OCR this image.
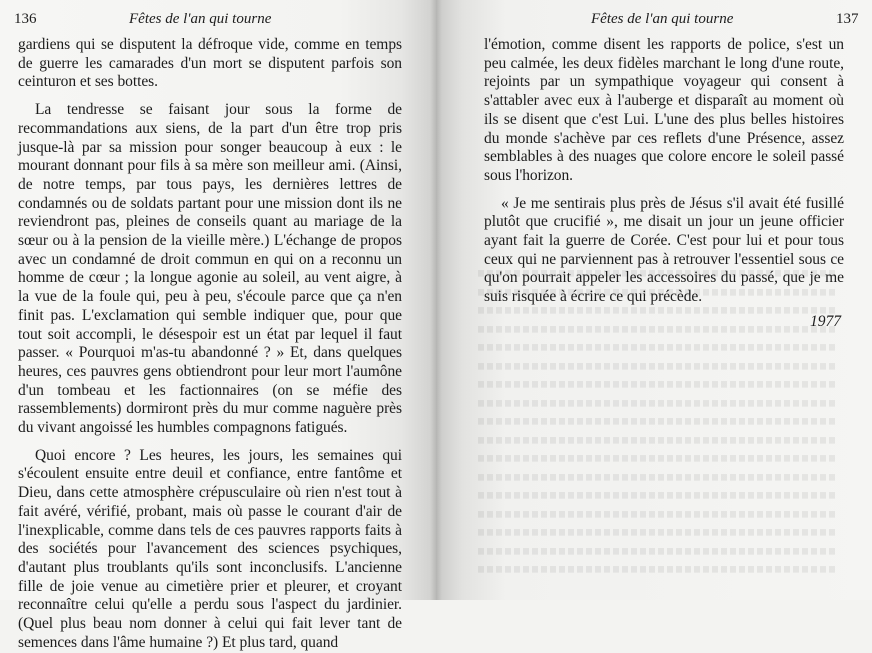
136	Fêtes de l'an qui tourne	Fêtes de l'an qui tourne	137

gardiens qui se disputent la défroque vide, comme en temps de guerre les camarades d'un mort se disputent parfois son ceinturon et ses bottes.

La tendresse se faisant jour sous la forme de recommandations aux siens, de la part d'un être trop pris jusque-là par sa mission pour songer beaucoup à eux : le mourant donnant pour fils à sa mère son meilleur ami. (Ainsi, de notre temps, par tous pays, les dernières lettres de condamnés ou de soldats partant pour une mission dont ils ne reviendront pas, pleines de conseils quant au mariage de la sœur ou à la pension de la vieille mère.) L'échange de propos avec un condamné de droit commun en qui on a reconnu un homme de cœur ; la longue agonie au soleil, au vent aigre, à la vue de la foule qui, peu à peu, s'écoule parce que ça n'en finit pas. L'exclamation qui semble indiquer que, pour que tout soit accompli, le désespoir est un état par lequel il faut passer. « Pourquoi m'as-tu abandonné ? » Et, dans quelques heures, ces pauvres gens obtiendront pour leur mort l'aumône d'un tombeau et les factionnaires (on se méfie des rassemblements) dormiront près du mur comme naguère près du vivant angoissé les humbles compagnons fatigués.

Quoi encore ? Les heures, les jours, les semaines qui s'écoulent ensuite entre deuil et confiance, entre fantôme et Dieu, dans cette atmosphère crépusculaire où rien n'est tout à fait avéré, vérifié, probant, mais où passe le courant d'air de l'inexplicable, comme dans tels de ces pauvres rapports faits à des sociétés pour l'avancement des sciences psychiques, d'autant plus troublants qu'ils sont inconclusifs. L'ancienne fille de joie venue au cimetière prier et pleurer, et croyant reconnaître celui qu'elle a perdu sous l'aspect du jardinier. (Quel plus beau nom donner à celui qui fait lever tant de semences dans l'âme humaine ?) Et plus tard, quand

l'émotion, comme disent les rapports de police, s'est un peu calmée, les deux fidèles marchant le long d'une route, rejoints par un sympathique voyageur qui consent à s'attabler avec eux à l'auberge et disparaît au moment où ils se disent que c'est Lui. L'une des plus belles histoires du monde s'achève par ces reflets d'une Présence, assez semblables à des nuages que colore encore le soleil passé sous l'horizon.

« Je me sentirais plus près de Jésus s'il avait été fusillé plutôt que crucifié », me disait un jour un jeune officier ayant fait la guerre de Corée. C'est pour lui et pour tous ceux qui ne parviennent pas à retrouver l'essentiel sous ce qu'on pourrait appeler les accessoires du passé, que je me suis risquée à écrire ce qui précède.

1977
